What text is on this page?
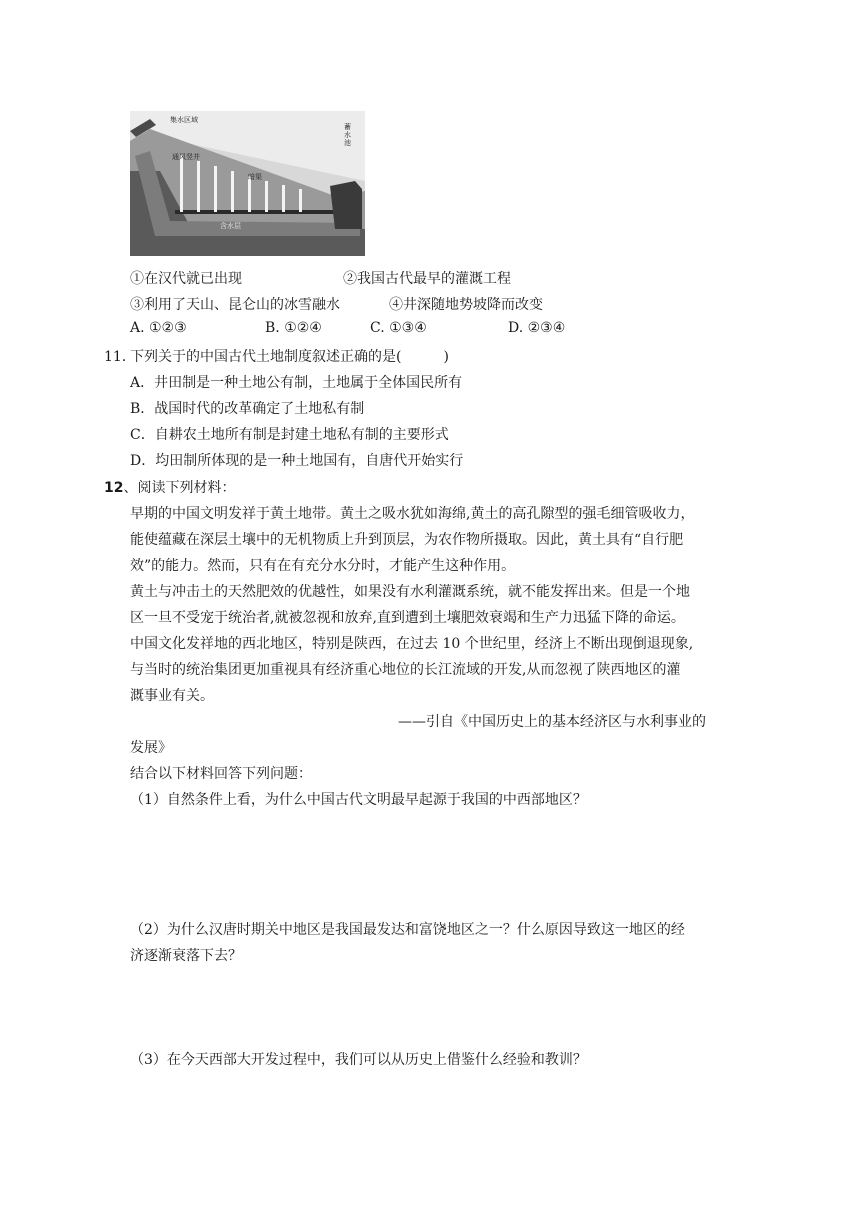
集水区域
通风竖井
暗渠
含水层
蓄
水
池
①在汉代就已出现	②我国古代最早的灌溉工程
③利用了天山、昆仑山的冰雪融水	④井深随地势坡降而改变
A. ①②③	B. ①②④	C. ①③④	D. ②③④
11．
下列关于的中国古代土地制度叙述正确的是(　　　)
A．井田制是一种土地公有制，土地属于全体国民所有
B．战国时代的改革确定了土地私有制
C．自耕农土地所有制是封建土地私有制的主要形式
D．均田制所体现的是一种土地国有，自唐代开始实行
12、阅读下列材料：
早期的中国文明发祥于黄土地带。黄土之吸水犹如海绵,黄土的高孔隙型的强毛细管吸收力，
能使蕴藏在深层土壤中的无机物质上升到顶层，为农作物所摄取。因此，黄土具有“自行肥
效”的能力。然而，只有在有充分水分时，才能产生这种作用。
黄土与冲击土的天然肥效的优越性，如果没有水利灌溉系统，就不能发挥出来。但是一个地
区一旦不受宠于统治者,就被忽视和放弃,直到遭到土壤肥效衰竭和生产力迅猛下降的命运。
中国文化发祥地的西北地区，特别是陕西，在过去 10 个世纪里，经济上不断出现倒退现象,
与当时的统治集团更加重视具有经济重心地位的长江流域的开发,从而忽视了陕西地区的灌
溉事业有关。
——引自《中国历史上的基本经济区与水利事业的
发展》
结合以下材料回答下列问题：
（1）自然条件上看，为什么中国古代文明最早起源于我国的中西部地区？
（2）为什么汉唐时期关中地区是我国最发达和富饶地区之一？什么原因导致这一地区的经
济逐渐衰落下去？
（3）在今天西部大开发过程中，我们可以从历史上借鉴什么经验和教训？
